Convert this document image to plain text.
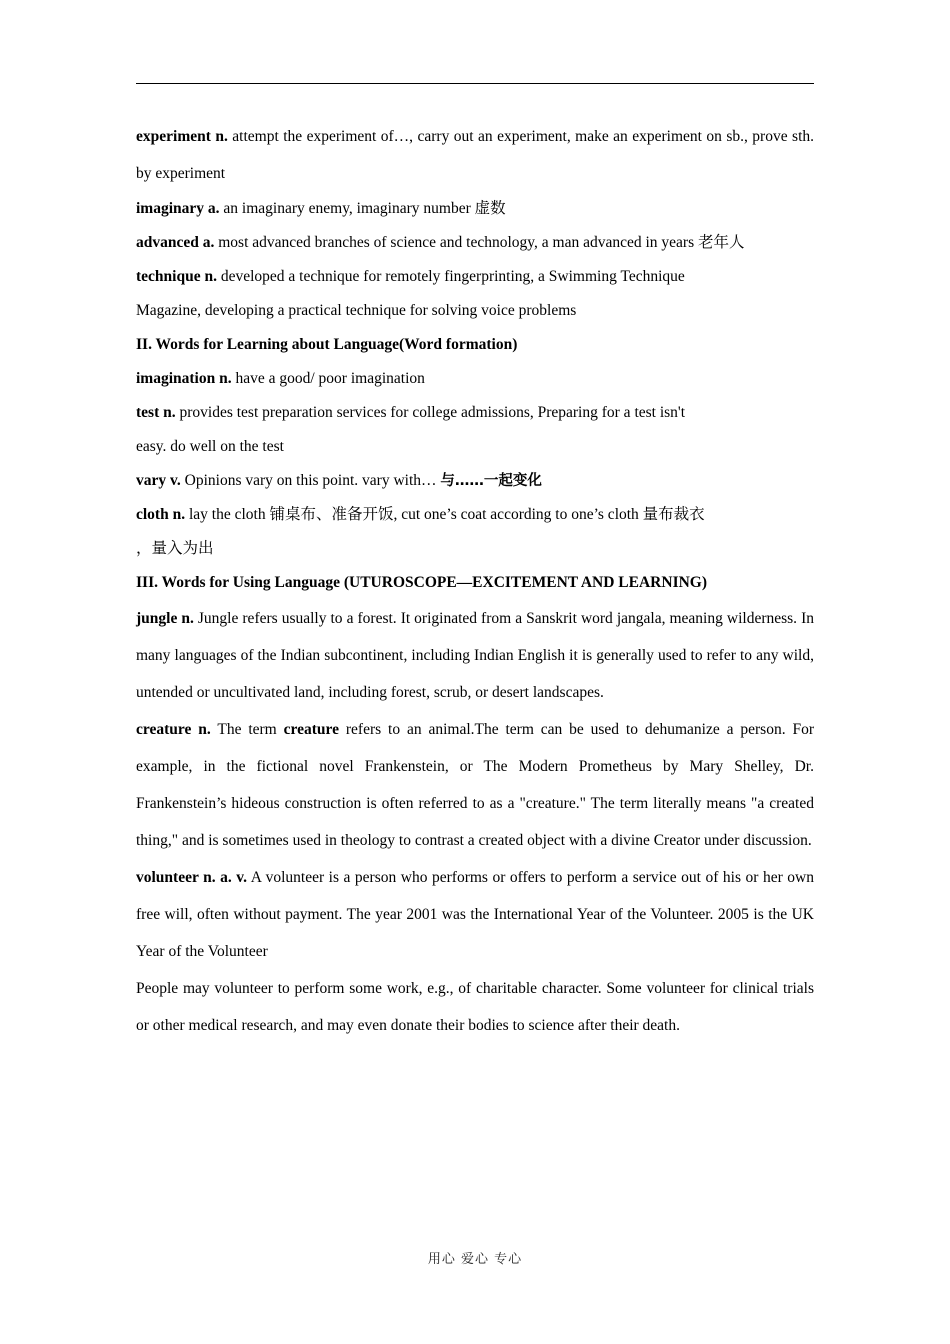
experiment n. attempt the experiment of…, carry out an experiment, make an experiment on sb., prove sth. by experiment

imaginary a. an imaginary enemy, imaginary number 虚数

advanced a. most advanced branches of science and technology, a man advanced in years 老年人

technique n. developed a technique for remotely fingerprinting, a Swimming Technique

Magazine, developing a practical technique for solving voice problems

II. Words for Learning about Language(Word formation)

imagination n. have a good/ poor imagination

test n. provides test preparation services for college admissions, Preparing for a test isn't

easy. do well on the test

vary v. Opinions vary on this point. vary with… 与……一起变化

cloth n. lay the cloth 铺桌布、准备开饭, cut one’s coat according to one’s cloth 量布裁衣

，量入为出

III. Words for Using Language (UTUROSCOPE—EXCITEMENT AND LEARNING)

jungle n. Jungle refers usually to a forest. It originated from a Sanskrit word jangala, meaning wilderness. In many languages of the Indian subcontinent, including Indian English it is generally used to refer to any wild, untended or uncultivated land, including forest, scrub, or desert landscapes.

creature n. The term creature refers to an animal.The term can be used to dehumanize a person. For example, in the fictional novel Frankenstein, or The Modern Prometheus by Mary Shelley, Dr. Frankenstein’s hideous construction is often referred to as a "creature." The term literally means "a created thing," and is sometimes used in theology to contrast a created object with a divine Creator under discussion.

volunteer n. a. v. A volunteer is a person who performs or offers to perform a service out of his or her own free will, often without payment. The year 2001 was the International Year of the Volunteer. 2005 is the UK Year of the Volunteer

People may volunteer to perform some work, e.g., of charitable character. Some volunteer for clinical trials or other medical research, and may even donate their bodies to science after their death.

用心 爱心 专心
